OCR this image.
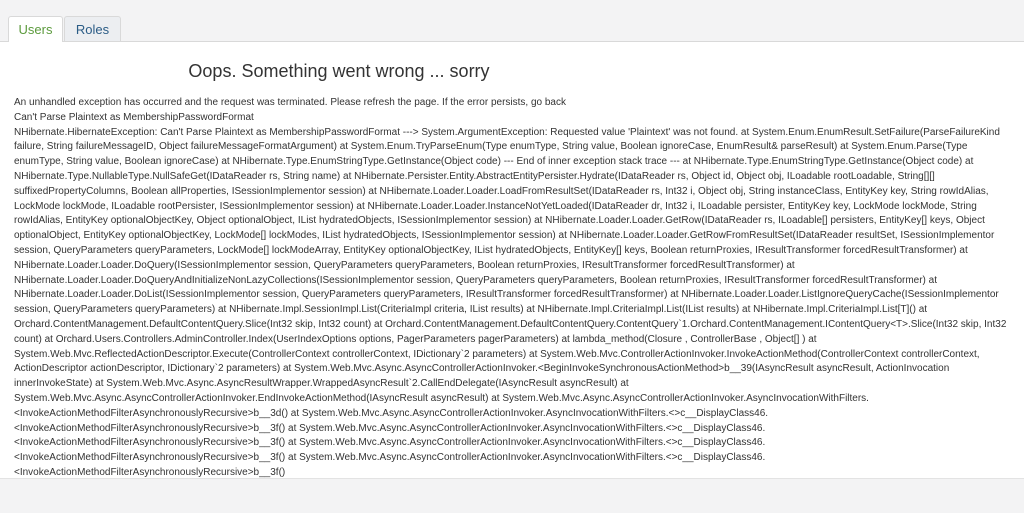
Users	Roles
Oops. Something went wrong ... sorry

An unhandled exception has occurred and the request was terminated. Please refresh the page. If the error persists, go back

Can't Parse Plaintext as MembershipPasswordFormat

NHibernate.HibernateException: Can't Parse Plaintext as MembershipPasswordFormat ---> System.ArgumentException: Requested value 'Plaintext' was not found. at System.Enum.EnumResult.SetFailure(ParseFailureKind failure, String failureMessageID, Object failureMessageFormatArgument) at System.Enum.TryParseEnum(Type enumType, String value, Boolean ignoreCase, EnumResult& parseResult) at System.Enum.Parse(Type enumType, String value, Boolean ignoreCase) at NHibernate.Type.EnumStringType.GetInstance(Object code) --- End of inner exception stack trace --- at NHibernate.Type.EnumStringType.GetInstance(Object code) at NHibernate.Type.NullableType.NullSafeGet(IDataReader rs, String name) at NHibernate.Persister.Entity.AbstractEntityPersister.Hydrate(IDataReader rs, Object id, Object obj, ILoadable rootLoadable, String[][] suffixedPropertyColumns, Boolean allProperties, ISessionImplementor session) at NHibernate.Loader.Loader.LoadFromResultSet(IDataReader rs, Int32 i, Object obj, String instanceClass, EntityKey key, String rowIdAlias, LockMode lockMode, ILoadable rootPersister, ISessionImplementor session) at NHibernate.Loader.Loader.InstanceNotYetLoaded(IDataReader dr, Int32 i, ILoadable persister, EntityKey key, LockMode lockMode, String rowIdAlias, EntityKey optionalObjectKey, Object optionalObject, IList hydratedObjects, ISessionImplementor session) at NHibernate.Loader.Loader.GetRow(IDataReader rs, ILoadable[] persisters, EntityKey[] keys, Object optionalObject, EntityKey optionalObjectKey, LockMode[] lockModes, IList hydratedObjects, ISessionImplementor session) at NHibernate.Loader.Loader.GetRowFromResultSet(IDataReader resultSet, ISessionImplementor session, QueryParameters queryParameters, LockMode[] lockModeArray, EntityKey optionalObjectKey, IList hydratedObjects, EntityKey[] keys, Boolean returnProxies, IResultTransformer forcedResultTransformer) at NHibernate.Loader.Loader.DoQuery(ISessionImplementor session, QueryParameters queryParameters, Boolean returnProxies, IResultTransformer forcedResultTransformer) at NHibernate.Loader.Loader.DoQueryAndInitializeNonLazyCollections(ISessionImplementor session, QueryParameters queryParameters, Boolean returnProxies, IResultTransformer forcedResultTransformer) at NHibernate.Loader.Loader.DoList(ISessionImplementor session, QueryParameters queryParameters, IResultTransformer forcedResultTransformer) at NHibernate.Loader.Loader.ListIgnoreQueryCache(ISessionImplementor session, QueryParameters queryParameters) at NHibernate.Impl.SessionImpl.List(CriteriaImpl criteria, IList results) at NHibernate.Impl.CriteriaImpl.List(IList results) at NHibernate.Impl.CriteriaImpl.List[T]() at Orchard.ContentManagement.DefaultContentQuery.Slice(Int32 skip, Int32 count) at Orchard.ContentManagement.DefaultContentQuery.ContentQuery`1.Orchard.ContentManagement.IContentQuery<T>.Slice(Int32 skip, Int32 count) at Orchard.Users.Controllers.AdminController.Index(UserIndexOptions options, PagerParameters pagerParameters) at lambda_method(Closure , ControllerBase , Object[] ) at System.Web.Mvc.ReflectedActionDescriptor.Execute(ControllerContext controllerContext, IDictionary`2 parameters) at System.Web.Mvc.ControllerActionInvoker.InvokeActionMethod(ControllerContext controllerContext, ActionDescriptor actionDescriptor, IDictionary`2 parameters) at System.Web.Mvc.Async.AsyncControllerActionInvoker.<BeginInvokeSynchronousActionMethod>b__39(IAsyncResult asyncResult, ActionInvocation innerInvokeState) at System.Web.Mvc.Async.AsyncResultWrapper.WrappedAsyncResult`2.CallEndDelegate(IAsyncResult asyncResult) at System.Web.Mvc.Async.AsyncControllerActionInvoker.EndInvokeActionMethod(IAsyncResult asyncResult) at System.Web.Mvc.Async.AsyncControllerActionInvoker.AsyncInvocationWithFilters.<InvokeActionMethodFilterAsynchronouslyRecursive>b__3d() at System.Web.Mvc.Async.AsyncControllerActionInvoker.AsyncInvocationWithFilters.<>c__DisplayClass46.<InvokeActionMethodFilterAsynchronouslyRecursive>b__3f() at System.Web.Mvc.Async.AsyncControllerActionInvoker.AsyncInvocationWithFilters.<>c__DisplayClass46.<InvokeActionMethodFilterAsynchronouslyRecursive>b__3f() at System.Web.Mvc.Async.AsyncControllerActionInvoker.AsyncInvocationWithFilters.<>c__DisplayClass46.<InvokeActionMethodFilterAsynchronouslyRecursive>b__3f() at System.Web.Mvc.Async.AsyncControllerActionInvoker.AsyncInvocationWithFilters.<>c__DisplayClass46.<InvokeActionMethodFilterAsynchronouslyRecursive>b__3f()
